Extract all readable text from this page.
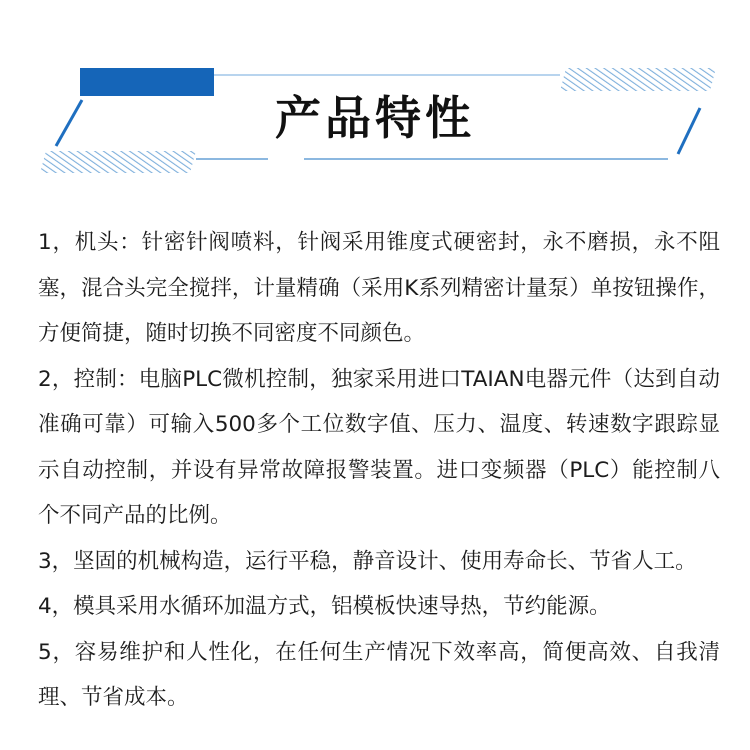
产品特性

1，机头：针密针阀喷料，针阀采用锥度式硬密封，永不磨损，永不阻塞，混合头完全搅拌，计量精确（采用K系列精密计量泵）单按钮操作，方便简捷，随时切换不同密度不同颜色。

2，控制：电脑PLC微机控制，独家采用进口TAIAN电器元件（达到自动准确可靠）可输入500多个工位数字值、压力、温度、转速数字跟踪显示自动控制，并设有异常故障报警装置。进口变频器（PLC）能控制八个不同产品的比例。

3，坚固的机械构造，运行平稳，静音设计、使用寿命长、节省人工。

4，模具采用水循环加温方式，铝模板快速导热，节约能源。

5，容易维护和人性化，在任何生产情况下效率高，简便高效、自我清理、节省成本。
